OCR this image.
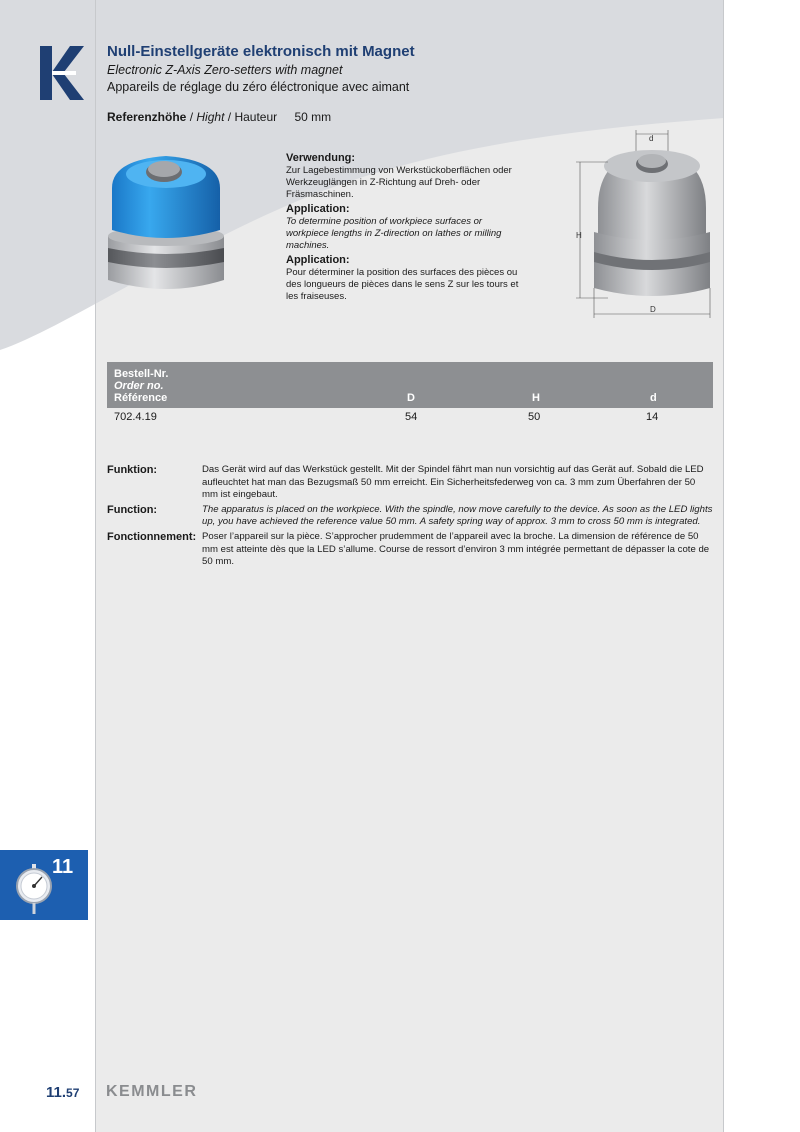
Null-Einstellgeräte elektronisch mit Magnet
Electronic Z-Axis Zero-setters with magnet
Appareils de réglage du zéro éléctronique avec aimant
Referenzhöhe / Hight / Hauteur 50 mm
Verwendung:

Zur Lagebestimmung von Werkstückoberflächen oder Werkzeuglängen in Z-Richtung auf Dreh- oder Fräsmaschinen.

Application:

To determine position of workpiece surfaces or workpiece lengths in Z-direction on lathes or milling machines.

Application:

Pour déterminer la position des surfaces des pièces ou des longueurs de pièces dans le sens Z sur les tours et les fraiseuses.

d
H
D
Bestell-Nr.
Order no.
Référence	D	H	d
702.4.19	54	50	14
Funktion:	Das Gerät wird auf das Werkstück gestellt. Mit der Spindel fährt man nun vorsichtig auf das Gerät auf. Sobald die LED aufleuchtet hat man das Bezugsmaß 50 mm erreicht. Ein Sicherheitsfederweg von ca. 3 mm zum Überfahren der 50 mm ist eingebaut.
Function:	The apparatus is placed on the workpiece. With the spindle, now move carefully to the device. As soon as the LED lights up, you have achieved the reference value 50 mm. A safety spring way of approx. 3 mm to cross 50 mm is integrated.
Fonctionnement: Poser l’appareil sur la pièce. S’approcher prudemment de l’appareil avec la broche. La dimension de référence de 50 mm est atteinte dès que la LED s’allume. Course de ressort d’environ 3 mm intégrée permettant de dépasser la cote de 50 mm.
11
11.57 KEMMLER
